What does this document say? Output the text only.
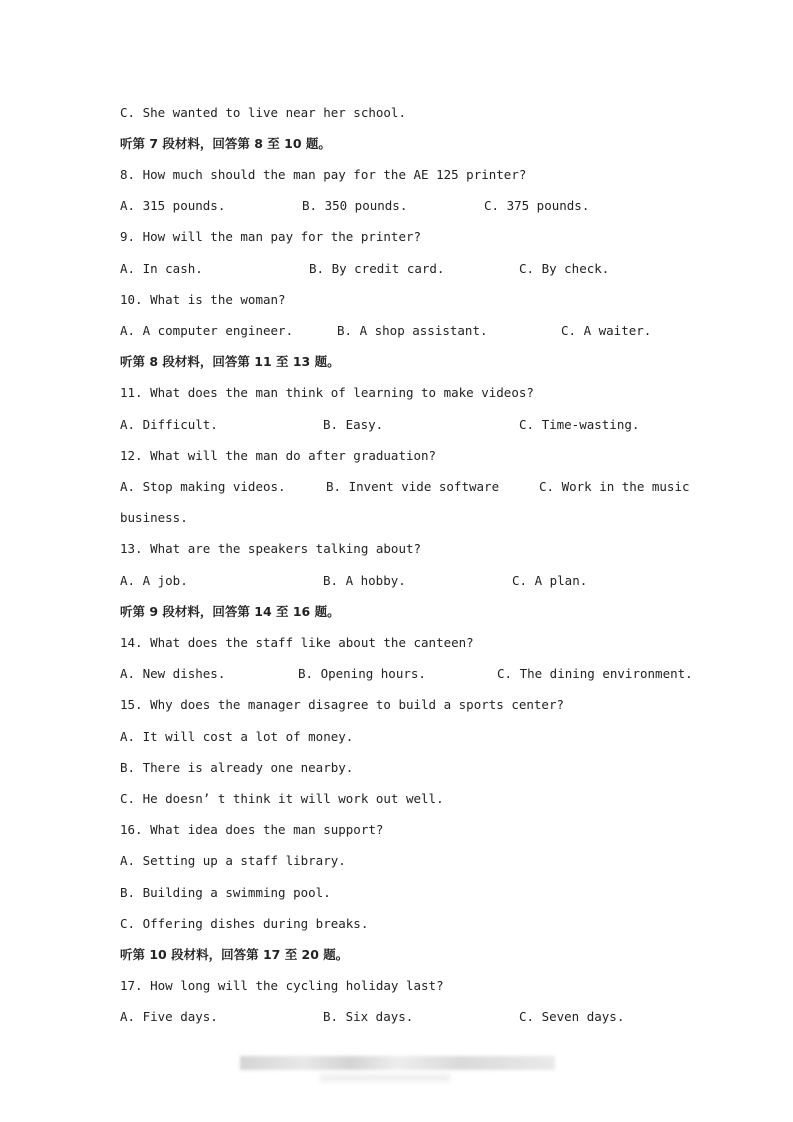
C. She wanted to live near her school.
听第 7 段材料，回答第 8 至 10 题。
8. How much should the man pay for the AE 125 printer?
A. 315 pounds.	B. 350 pounds.	C. 375 pounds.
9. How will the man pay for the printer?
A. In cash.	B. By credit card.	C. By check.
10. What is the woman?
A. A computer engineer.	B. A shop assistant.	C. A waiter.
听第 8 段材料，回答第 11 至 13 题。
11. What does the man think of learning to make videos?
A. Difficult.	B. Easy.	C. Time-wasting.
12. What will the man do after graduation?
A. Stop making videos.	B. Invent vide software	C. Work in the music
business.
13. What are the speakers talking about?
A. A job.	B. A hobby.	C. A plan.
听第 9 段材料，回答第 14 至 16 题。
14. What does the staff like about the canteen?
A. New dishes.	B. Opening hours.	C. The dining environment.
15. Why does the manager disagree to build a sports center?
A. It will cost a lot of money.
B. There is already one nearby.
C. He doesn’ t think it will work out well.
16. What idea does the man support?
A. Setting up a staff library.
B. Building a swimming pool.
C. Offering dishes during breaks.
听第 10 段材料，回答第 17 至 20 题。
17. How long will the cycling holiday last?
A. Five days.	B. Six days.	C. Seven days.
